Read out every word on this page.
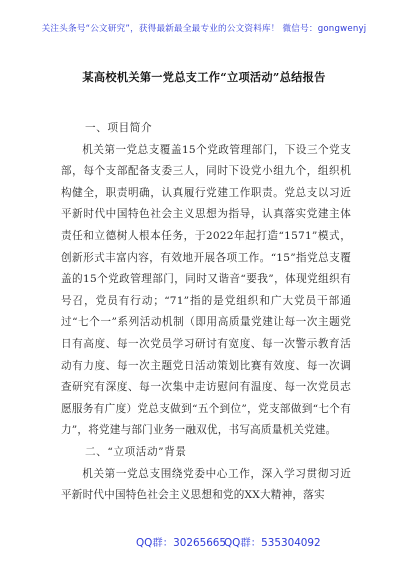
关注头条号“公文研究”，获得最新最全最专业的公文资料库！ 微信号：gongwenyj
某高校机关第一党总支工作“立项活动”总结报告

一、项目简介

机关第一党总支覆盖15个党政管理部门，下设三个党支部，每个支部配备支委三人，同时下设党小组九个，组织机构健全，职责明确，认真履行党建工作职责。党总支以习近平新时代中国特色社会主义思想为指导，认真落实党建主体责任和立德树人根本任务，于2022年起打造“1571”模式，创新形式丰富内容，有效地开展各项工作。“15”指党总支覆盖的15个党政管理部门，同时又谐音“要我”，体现党组织有号召，党员有行动；“71”指的是党组织和广大党员干部通过“七个一”系列活动机制（即用高质量党建让每一次主题党日有高度、每一次党员学习研讨有宽度、每一次警示教育活动有力度、每一次主题党日活动策划比赛有效度、每一次调查研究有深度、每一次集中走访慰问有温度、每一次党员志愿服务有广度）党总支做到“五个到位”，党支部做到“七个有力”，将党建与部门业务一融双优，书写高质量机关党建。

二、“立项活动”背景

机关第一党总支围绕党委中心工作，深入学习贯彻习近平新时代中国特色社会主义思想和党的XX大精神，落实

QQ群：30265665
QQ群：535304092
